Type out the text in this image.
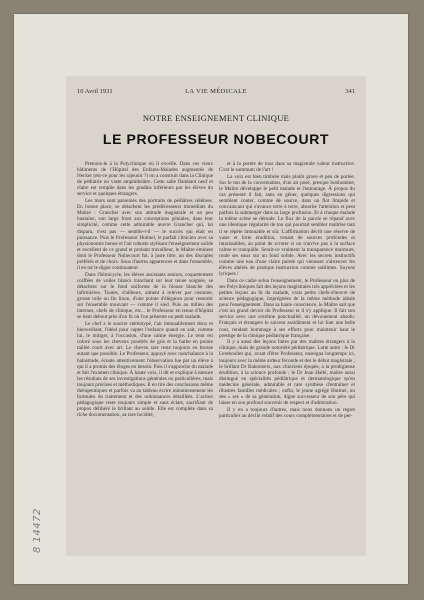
10 Avril 1931	LA VIE MÉDICALE	341
NOTRE ENSEIGNEMENT CLINIQUE
LE PROFESSEUR NOBECOURT

Prenons-le à la Polyclinique où il excelle. Dans ces vieux bâtiments de l'Hôpital des Enfants-Malades augmentés de Necker (est-ce pour les rajeunir ?) on a construit dans la Clinique de pédiatrie un vaste amphithéâtre. Cette salle flambant neuf et claire est remplie dans les gradins inférieurs par les élèves du service et quelques étrangers.

Les murs sont parsemés des portraits de pédiâtres célèbres. En bonne place, se détachent les prédécesseurs immédiats du Maître : Grancher avec son attitude magistrale et un peu hautaine, son large front aux conceptions géniales, dans leur simplicité, comme cette admirable œuvre Grancher qui, lui disparu, n'est pas — semble-t-il — le succès qui était en puissance. Puis le Professeur Hutinel, le parfait clinicien avec sa physionomie bonne et l'air robuste stylisant l'enseignement solide et excellent de ce grand et probant travailleur, le Maître éminent dont le Professeur Nobecourt fut, à juste titre, un des disciples préférés et de choix. Sous d'autres apparences et dans l'ensemble, il en tut le digne continuateur.

Dans l'hémicycle, les élèves assistants seniors, coquettement coiffées de voiles blancs tranchant sur leur tenue soignée, se détachent sur le fond uniforme de la blouse blanche des infirmières. Toutes, d'ailleurs, aiment à relever par costume, grosse toile ou fin linon, d'une pointe d'élégance pour ressortir sur l'ensemble mouvant — comme il sied. Puis au milieu des internes, chefs de clinique, etc... le Professeur en tenue d'hôpital se tient debout près d'un lit où l'on présente un petit malade.

Le chef a le sourire stéréotypé, l'air immuablement doux et bienveillant, l'idéal pour capter l'enfance quand on sait, comme lui, le mitiger, à l'occasion, d'une calme énergie. Le teint est coloré sous les cheveux poudrés de gris et la barbe en pointe taillée court avec art. Le cheveu rare reste toujours en brosse autant que possible. Le Professeur, appuyé avec nonchalance à la balustrade, écoute attentivement l'observation lue par un élève à qui il a promis des éloges en besoin. Puis il s'approche du malade et fait l'examen clinique. À haute voix, il dit et explique à mesure les résultats de ses investigations générales ou particulières, mais toujours précises et méthodiques. Il en tire des conclusions même thérapeutiques et parfois va au tableau écrire minutieusement les formules du traitement et des ordonnances détaillées. L'action pédagogique reste toujours simple et sans éclats, sacrifiant de propos délibéré le brillant au solide. Elle est complète dans sa riche documentation, sa rare lucidité,

et à la portée de tous dans sa magistrale valeur instructive. C'est le summum de l'art !

La voix est bien timbrée mais plutôt grave et peu de portée. Sur le ton de la conversation, d'un air posé, presque bonhomme, le Maître développe le petit malade et l'entourage. À propos du cas présenté il fait, sans en gêner, quelques digressions qui semblent conter, comme de source, dans un flot limpide et convaincant qui s'avance terre à terre, absorbe l'attention et peut parfois la submerger dans sa large profusion. Et à chaque malade la même scène se déroule. Le flux de la parole se répand avec une identique régularité de ton qui pourrait sembler maîtrise tant il se répète immuable et sûr. L'affirmation décrit une réserve de vaste et forte érudition, venant de sources profondes et intarissables, au point de scruter si on n'arrive pas à la surface calme et tranquille. Serait-ce vraiment la transparence murmure, roule ses eaux sur un fond solide. Avec les secrets instinctifs comme une eau d'une claire pureté qui viennent s'abreuver les élèves altérés de pratique instruction comme sublimes. Soyons lyriques !

Dans ce cadre selon l'enseignement, le Professeur en plus de ses Polycliniques fait des leçons magistrales très appréciées et les petites leçons au lit du malade, vrais petits chefs-d'œuvre de science pédagogique, imprégnées de la même méthode idéale pour l'enseignement. Dans sa haute conscience, le Maître sait que c'est un grand devoir du Professeur et il s'y applique. Il fait son service avec une extrême ponctualité, un dévouement absolu. Français et étrangers le suivent assidûment et lui font une belle cour, rendant hommage à ses efforts pour maintenir haut le prestige de la clinique pédiatrique française.

Il y a aussi des leçons faites par des maîtres étrangers à la clinique, mais de grande notoriété pédiatrique. Lutte autre : le Dr Lereboullet qui, avant d'être Professeur, enseigna longtemps ici, toujours avec la même ardeur féconde et des le début magistrale ; le brillant Dr Babonneix, aux cliniciens épopée, à la prodigieuse érudition, à la science profonde ; le Dr Jean Hallé, maître aussi distingué en spécialités pédiâtrique et dermatologique qu'en médecine générale, admirable et rare synthèse d'entraîner et illustres familles médicales ; enfin, le jeune agrégé Hutinel, un des « ses » de sa génération, digne successeur de son père qui laisse en son profond souvenir de respect et d'admiration.

Il y en a toujours d'autres, mais nous donnons un regret particulier au déclin relatif des cours complémentaires et de per-

8 14472
